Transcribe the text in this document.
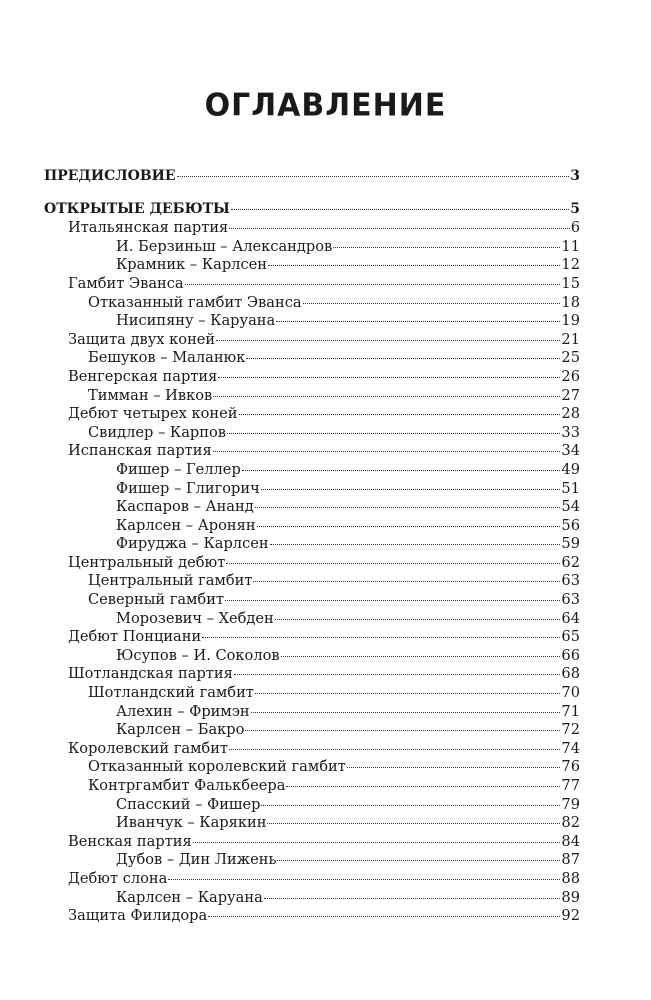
ОГЛАВЛЕНИЕ
ПРЕДИСЛОВИЕ	3
ОТКРЫТЫЕ ДЕБЮТЫ	5
Итальянская партия	6
И. Берзиньш – Александров	11
Крамник – Карлсен	12
Гамбит Эванса	15
Отказанный гамбит Эванса	18
Нисипяну – Каруана	19
Защита двух коней	21
Бешуков – Маланюк	25
Венгерская партия	26
Тимман – Ивков	27
Дебют четырех коней	28
Свидлер – Карпов	33
Испанская партия	34
Фишер – Геллер	49
Фишер – Глигорич	51
Каспаров – Ананд	54
Карлсен – Аронян	56
Фируджа – Карлсен	59
Центральный дебют	62
Центральный гамбит	63
Северный гамбит	63
Морозевич – Хебден	64
Дебют Понциани	65
Юсупов – И. Соколов	66
Шотландская партия	68
Шотландский гамбит	70
Алехин – Фримэн	71
Карлсен – Бакро	72
Королевский гамбит	74
Отказанный королевский гамбит	76
Контргамбит Фалькбеера	77
Спасский – Фишер	79
Иванчук – Карякин	82
Венская партия	84
Дубов – Дин Лижень	87
Дебют слона	88
Карлсен – Каруана	89
Защита Филидора	92
